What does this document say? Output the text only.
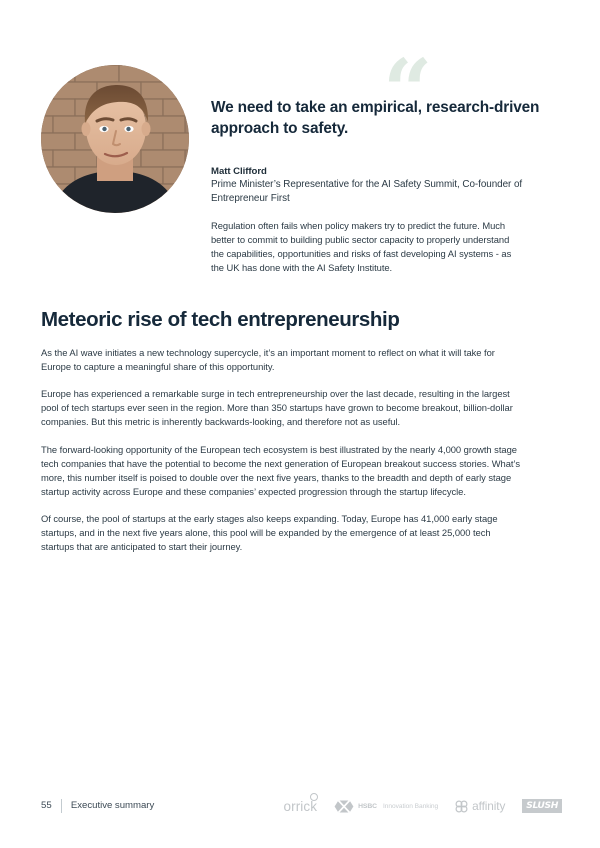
“
We need to take an empirical, research-driven approach to safety.
Matt Clifford
Prime Minister’s Representative for the AI Safety Summit, Co-founder of Entrepreneur First
Regulation often fails when policy makers try to predict the future. Much better to commit to building public sector capacity to properly understand the capabilities, opportunities and risks of fast developing AI systems - as the UK has done with the AI Safety Institute.
Meteoric rise of tech entrepreneurship

As the AI wave initiates a new technology supercycle, it’s an important moment to reflect on what it will take for Europe to capture a meaningful share of this opportunity.

Europe has experienced a remarkable surge in tech entrepreneurship over the last decade, resulting in the largest pool of tech startups ever seen in the region. More than 350 startups have grown to become breakout, billion-dollar companies. But this metric is inherently backwards-looking, and therefore not as useful.

The forward-looking opportunity of the European tech ecosystem is best illustrated by the nearly 4,000 growth stage tech companies that have the potential to become the next generation of European breakout success stories. What’s more, this number itself is poised to double over the next five years, thanks to the breadth and depth of early stage startup activity across Europe and these companies’ expected progression through the startup lifecycle.

Of course, the pool of startups at the early stages also keeps expanding. Today, Europe has 41,000 early stage startups, and in the next five years alone, this pool will be expanded by the emergence of at least 25,000 tech startups that are anticipated to start their journey.

55 Executive summary	orrick	HSBC Innovation Banking	affinity	SLUSH
